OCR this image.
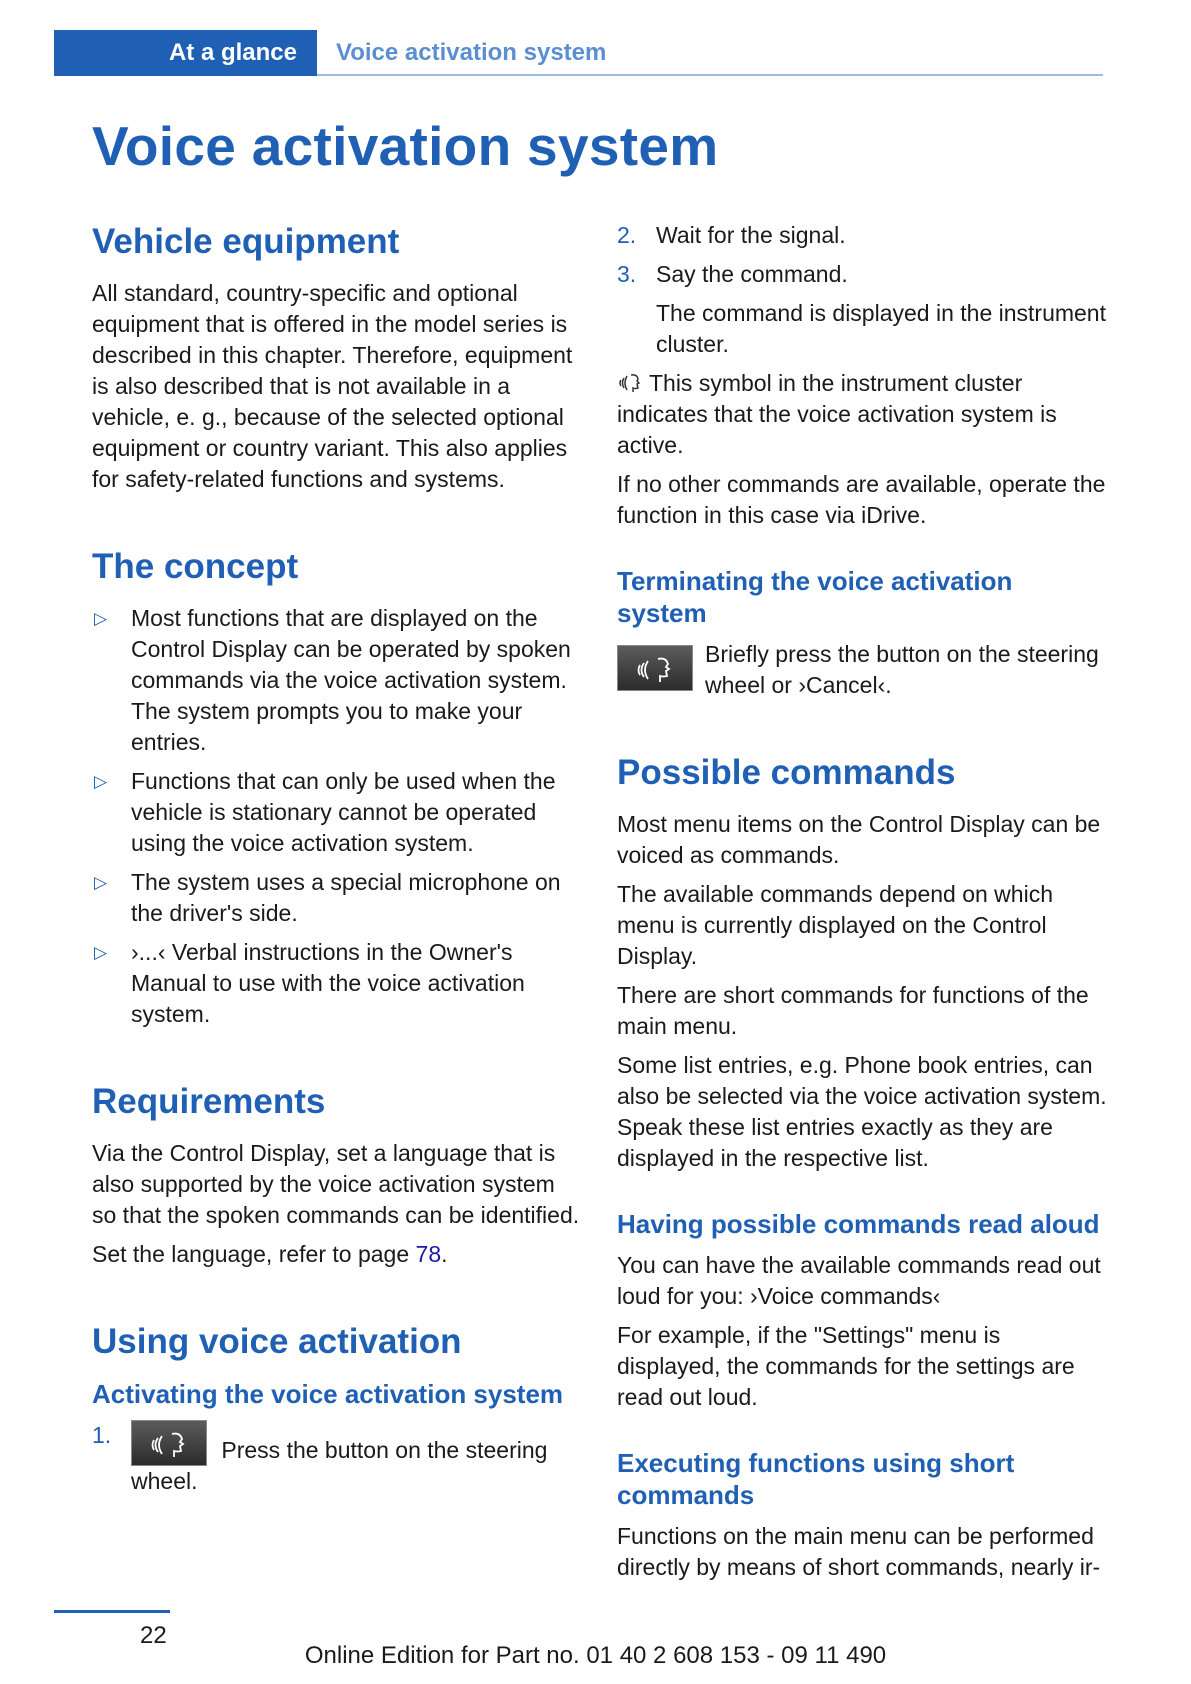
At a glance	Voice activation system
Voice activation system
Vehicle equipment

All standard, country-specific and optional equipment that is offered in the model series is described in this chapter. Therefore, equipment is also described that is not available in a vehicle, e. g., because of the selected optional equipment or country variant. This also applies for safety-related functions and systems.

The concept
▷ Most functions that are displayed on the Control Display can be operated by spoken commands via the voice activation system. The system prompts you to make your entries.
▷ Functions that can only be used when the vehicle is stationary cannot be operated using the voice activation system.
▷ The system uses a special microphone on the driver's side.
▷ ›...‹ Verbal instructions in the Owner's Manual to use with the voice activation system.
Requirements

Via the Control Display, set a language that is also supported by the voice activation system so that the spoken commands can be identified.

Set the language, refer to page 78.

Using voice activation
Activating the voice activation system
1.
Press the button on the steering wheel.
2. Wait for the signal.
3. Say the command.

The command is displayed in the instrument cluster.

This symbol in the instrument cluster indicates that the voice activation system is active.

If no other commands are available, operate the function in this case via iDrive.

Terminating the voice activation system
Briefly press the button on the steering wheel or ›Cancel‹.
Possible commands

Most menu items on the Control Display can be voiced as commands.

The available commands depend on which menu is currently displayed on the Control Display.

There are short commands for functions of the main menu.

Some list entries, e.g. Phone book entries, can also be selected via the voice activation system. Speak these list entries exactly as they are displayed in the respective list.

Having possible commands read aloud

You can have the available commands read out loud for you: ›Voice commands‹

For example, if the "Settings" menu is displayed, the commands for the settings are read out loud.

Executing functions using short commands

Functions on the main menu can be performed directly by means of short commands, nearly ir-

22
Online Edition for Part no. 01 40 2 608 153 - 09 11 490
